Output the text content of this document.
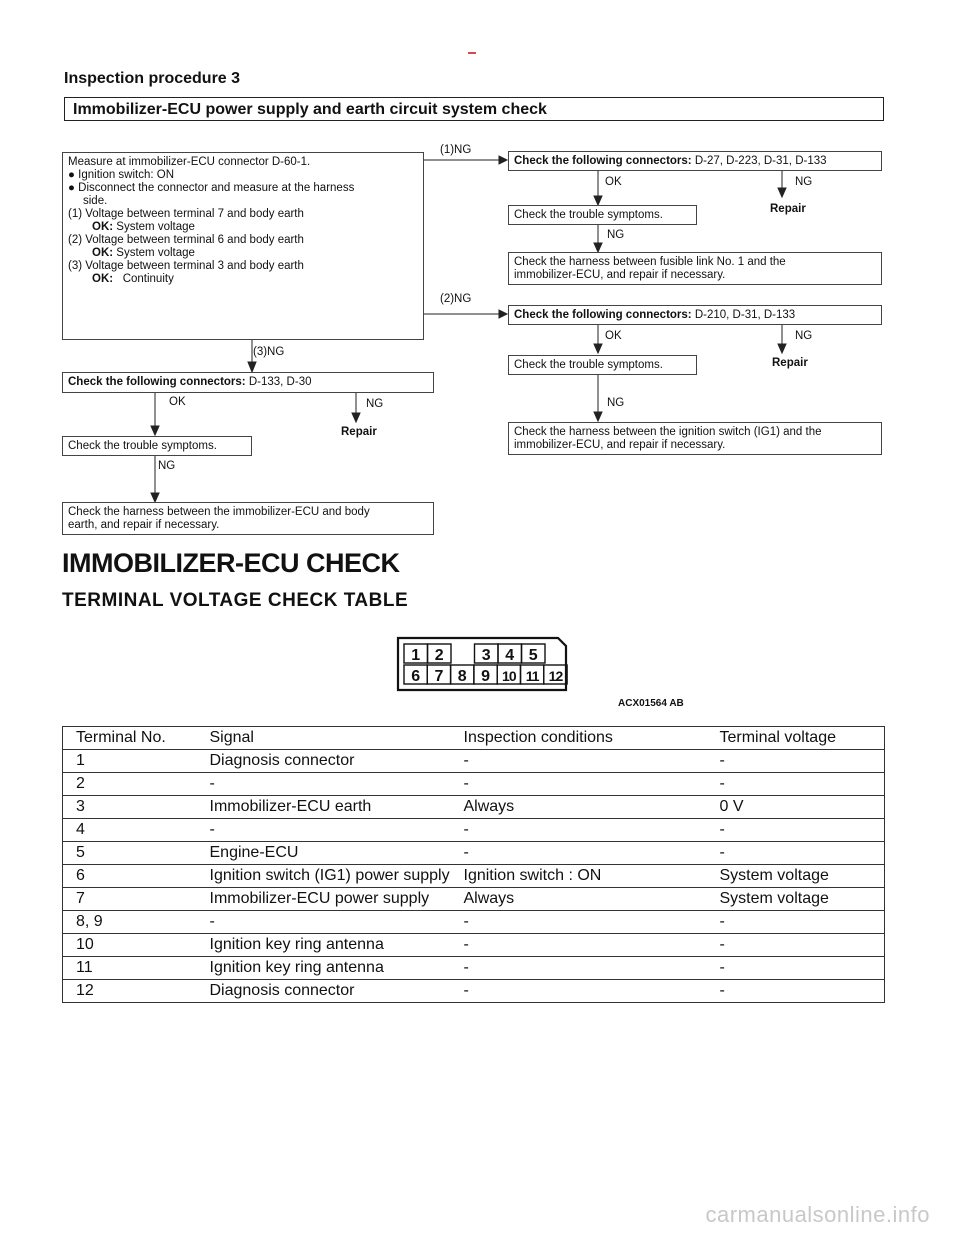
Inspection procedure 3
Immobilizer-ECU power supply and earth circuit system check
Measure at immobilizer-ECU connector D-60-1.
● Ignition switch: ON
● Disconnect the connector and measure at the harness
side.
(1) Voltage between terminal 7 and body earth
OK: System voltage
(2) Voltage between terminal 6 and body earth
OK: System voltage
(3) Voltage between terminal 3 and body earth
OK: Continuity
(1)NG
(2)NG
(3)NG
Check the following connectors: D-27, D-223, D-31, D-133
OK	NG
Repair
Check the trouble symptoms.
NG
Check the harness between fusible link No. 1 and the
immobilizer-ECU, and repair if necessary.
Check the following connectors: D-210, D-31, D-133
OK	NG
Repair
Check the trouble symptoms.
NG
Check the harness between the ignition switch (IG1) and the
immobilizer-ECU, and repair if necessary.
Check the following connectors: D-133, D-30
OK	NG
Repair
Check the trouble symptoms.
NG
Check the harness between the immobilizer-ECU and body
earth, and repair if necessary.
IMMOBILIZER-ECU CHECK
TERMINAL VOLTAGE CHECK TABLE
1 2 3 4 5
6 7 8 9 10 11 12
ACX01564 AB
Terminal No.	Signal	Inspection conditions	Terminal voltage
1	Diagnosis connector	-	-
2	-	-	-
3	Immobilizer-ECU earth	Always	0 V
4	-	-	-
5	Engine-ECU	-	-
6	Ignition switch (IG1) power supply	Ignition switch : ON	System voltage
7	Immobilizer-ECU power supply	Always	System voltage
8, 9	-	-	-
10	Ignition key ring antenna	-	-
11	Ignition key ring antenna	-	-
12	Diagnosis connector	-	-
carmanualsonline.info
